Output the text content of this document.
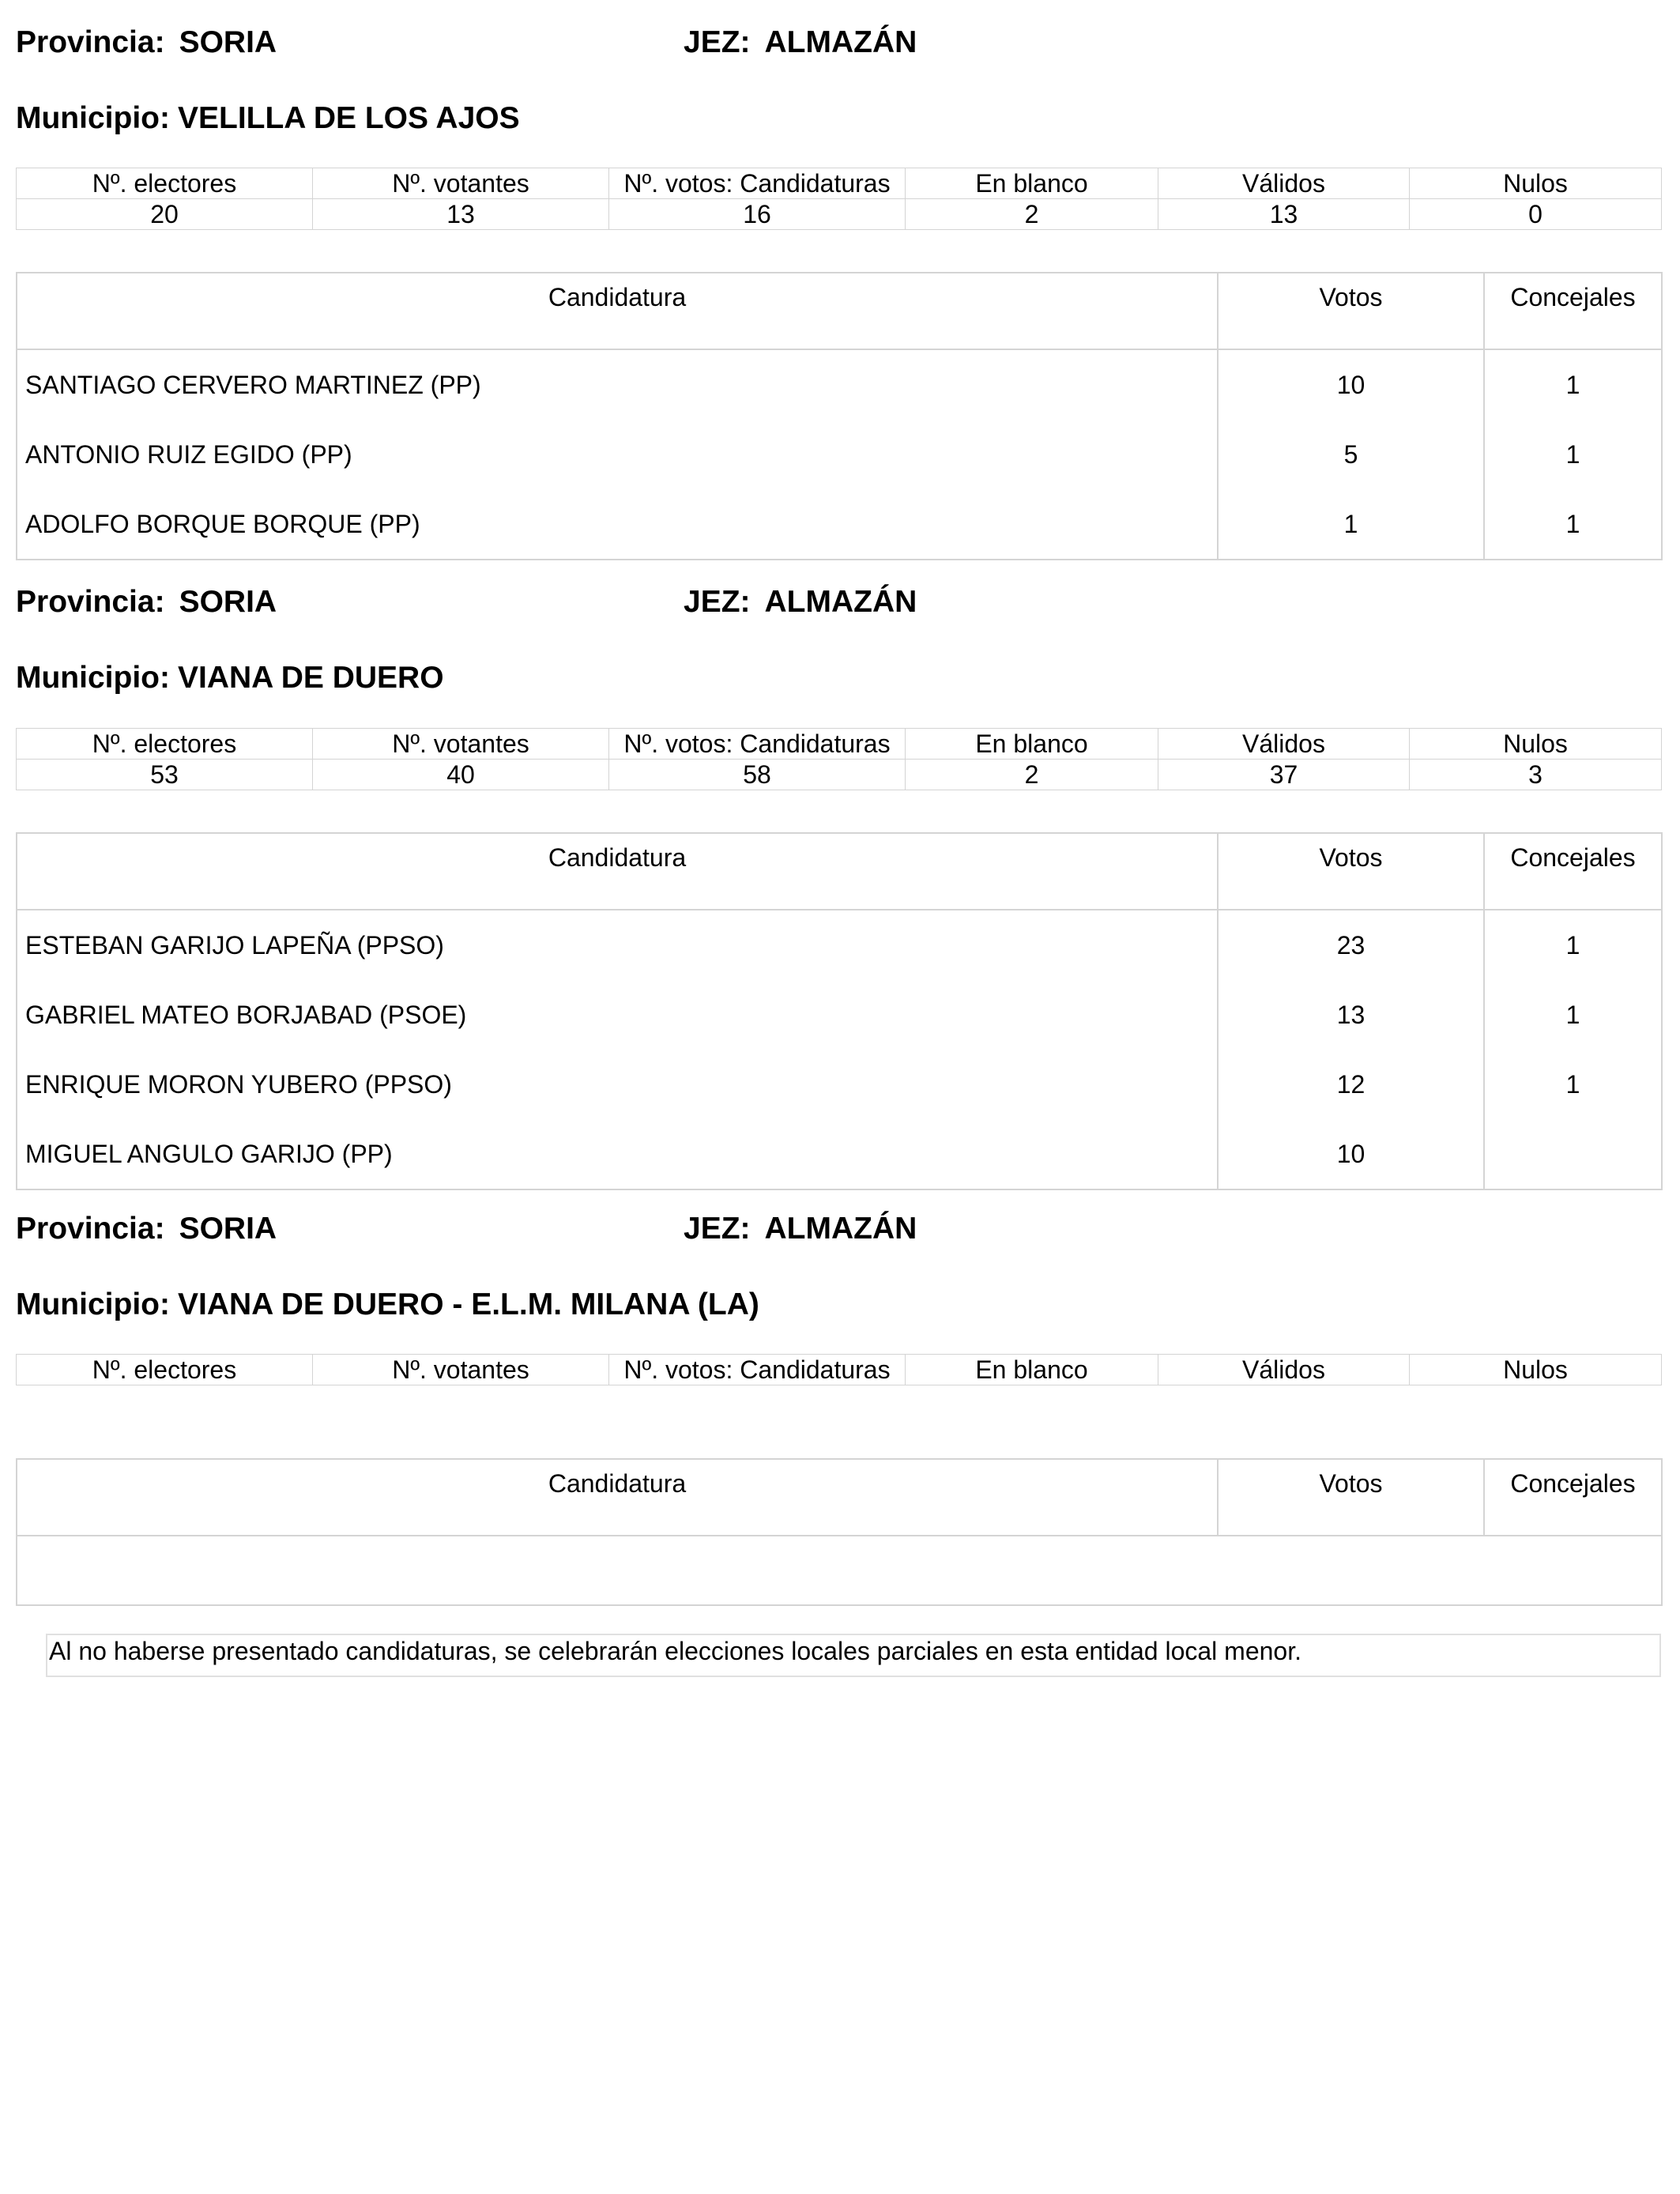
Provincia: SORIA	JEZ: ALMAZÁN
Municipio: VELILLA DE LOS AJOS
Nº. electores	Nº. votantes	Nº. votos: Candidaturas	En blanco	Válidos	Nulos
20	13	16	2	13	0
Candidatura	Votos	Concejales
SANTIAGO CERVERO MARTINEZ (PP)	10	1
ANTONIO RUIZ EGIDO (PP)	5	1
ADOLFO BORQUE BORQUE (PP)	1	1
Provincia: SORIA	JEZ: ALMAZÁN
Municipio: VIANA DE DUERO
Nº. electores	Nº. votantes	Nº. votos: Candidaturas	En blanco	Válidos	Nulos
53	40	58	2	37	3
Candidatura	Votos	Concejales
ESTEBAN GARIJO LAPEÑA (PPSO)	23	1
GABRIEL MATEO BORJABAD (PSOE)	13	1
ENRIQUE MORON YUBERO (PPSO)	12	1
MIGUEL ANGULO GARIJO (PP)	10	
Provincia: SORIA	JEZ: ALMAZÁN
Municipio: VIANA DE DUERO - E.L.M. MILANA (LA)
Nº. electores	Nº. votantes	Nº. votos: Candidaturas	En blanco	Válidos	Nulos
Candidatura	Votos	Concejales

Al no haberse presentado candidaturas, se celebrarán elecciones locales parciales en esta entidad local menor.
